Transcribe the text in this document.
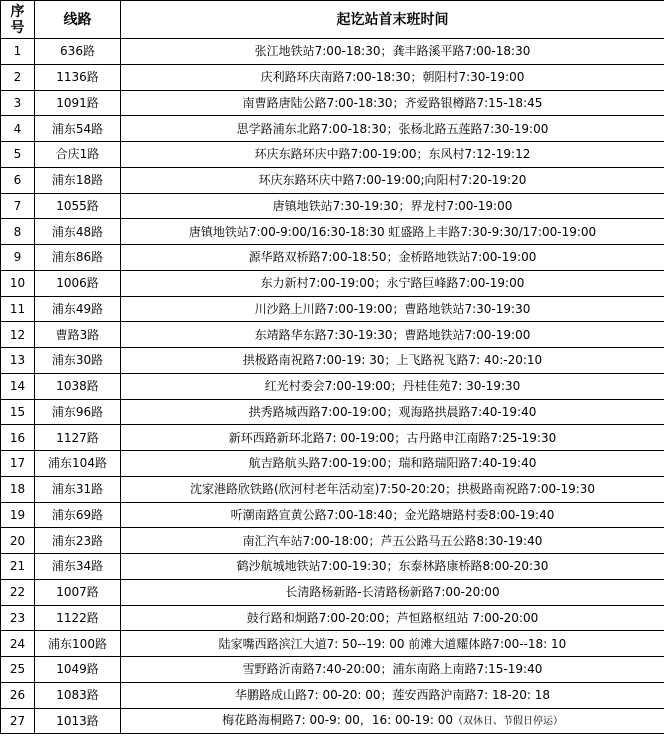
序
号	线路	起讫站首末班时间
1	636路	张江地铁站7:00-18:30；龚丰路溪平路7:00-18:30
2	1136路	庆利路环庆南路7:00-18:30；朝阳村7:30-19:00
3	1091路	南曹路唐陆公路7:00-18:30；齐爱路银樽路7:15-18:45
4	浦东54路	思学路浦东北路7:00-18:30；张杨北路五莲路7:30-19:00
5	合庆1路	环庆东路环庆中路7:00-19:00；东风村7:12-19:12
6	浦东18路	环庆东路环庆中路7:00-19:00;向阳村7:20-19:20
7	1055路	唐镇地铁站7:30-19:30；界龙村7:00-19:00
8	浦东48路	唐镇地铁站7:00-9:00/16:30-18:30 虹盛路上丰路7:30-9:30/17:00-19:00
9	浦东86路	源华路双桥路7:00-18:50；金桥路地铁站7:00-19:00
10	1006路	东力新村7:00-19:00；永宁路巨峰路7:00-19:00
11	浦东49路	川沙路上川路7:00-19:00；曹路地铁站7:30-19:30
12	曹路3路	东靖路华东路7:30-19:30；曹路地铁站7:00-19:00
13	浦东30路	拱极路南祝路7:00-19: 30；上飞路祝飞路7: 40:-20:10
14	1038路	红光村委会7:00-19:00；丹桂佳苑7: 30-19:30
15	浦东96路	拱秀路城西路7:00-19:00；观海路拱晨路7:40-19:40
16	1127路	新环西路新环北路7: 00-19:00；古丹路申江南路7:25-19:30
17	浦东104路	航吉路航头路7:00-19:00；瑞和路瑞阳路7:40-19:40
18	浦东31路	沈家港路欣铁路(欣河村老年活动室)7:50-20:20；拱极路南祝路7:00-19:30
19	浦东69路	听潮南路宣黄公路7:00-18:40；金光路塘路村委8:00-19:40
20	浦东23路	南汇汽车站7:00-18:00；芦五公路马五公路8:30-19:40
21	浦东34路	鹤沙航城地铁站7:00-19:30；东泰林路康桥路8:00-20:30
22	1007路	长清路杨新路-长清路杨新路7:00-20:00
23	1122路	鼓行路和炯路7:00-20:00；芦恒路枢纽站 7:00-20:00
24	浦东100路	陆家嘴西路滨江大道7: 50--19: 00 前滩大道耀体路7:00--18: 10
25	1049路	雪野路沂南路7:40-20:00；浦东南路上南路7:15-19:40
26	1083路	华鹏路成山路7: 00-20: 00；莲安西路沪南路7: 18-20: 18
27	1013路	梅花路海桐路7: 00-9: 00，16: 00-19: 00（双休日、节假日停运）
